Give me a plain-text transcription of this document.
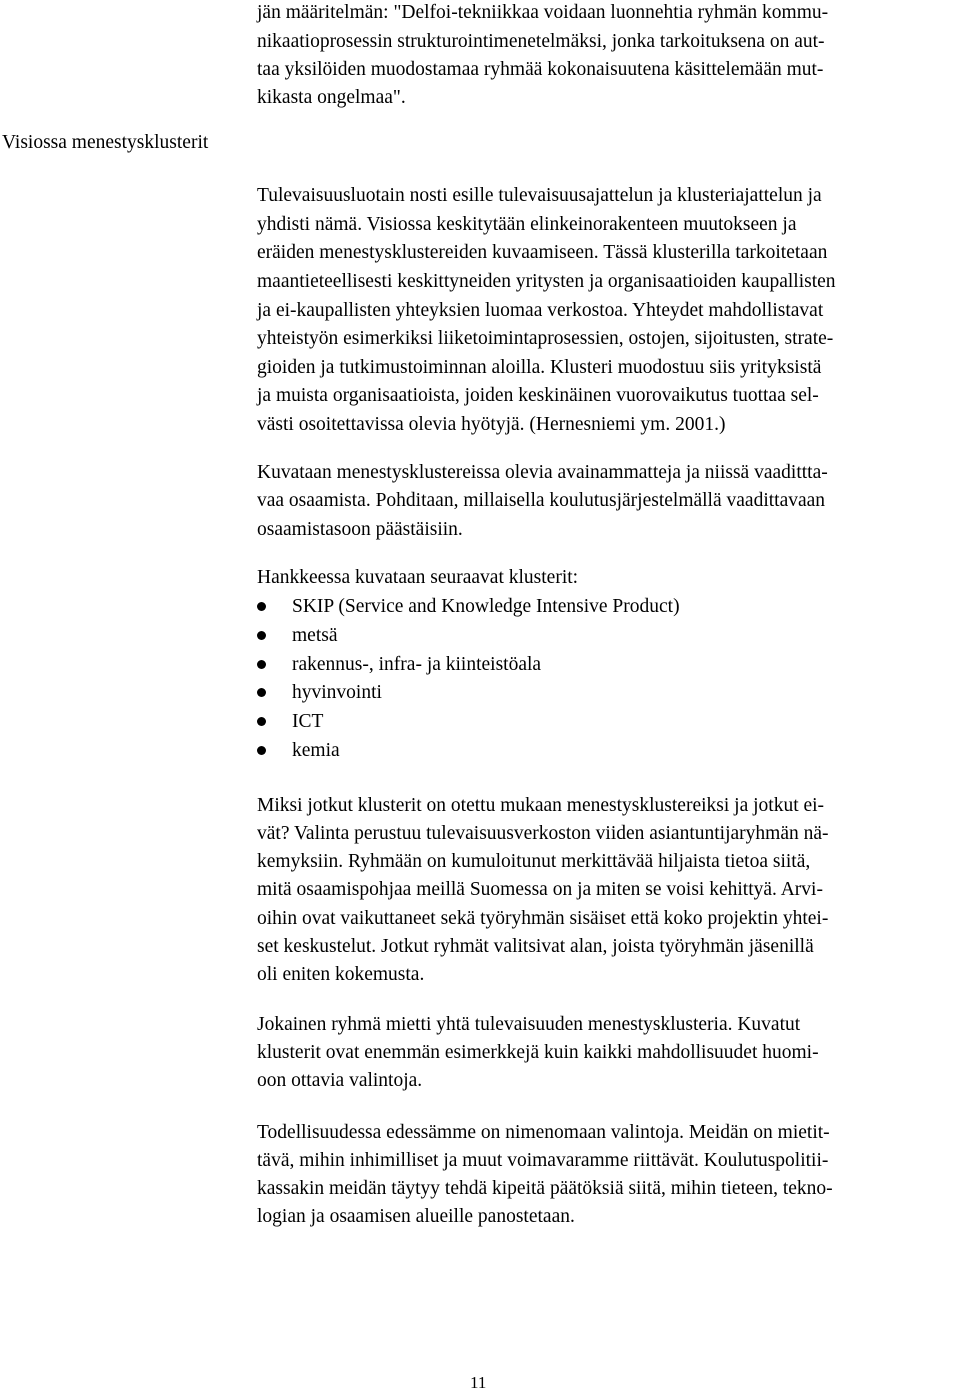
Visiossa menestysklusterit
jän määritelmän: "Delfoi-tekniikkaa voidaan luonnehtia ryhmän kommu-
nikaatioprosessin strukturointimenetelmäksi, jonka tarkoituksena on aut-
taa yksilöiden muodostamaa ryhmää kokonaisuutena käsittelemään mut-
kikasta ongelmaa".
Tulevaisuusluotain nosti esille tulevaisuusajattelun ja klusteriajattelun ja
yhdisti nämä. Visiossa keskitytään elinkeinorakenteen muutokseen ja
eräiden menestysklustereiden kuvaamiseen. Tässä klusterilla tarkoitetaan
maantieteellisesti keskittyneiden yritysten ja organisaatioiden kaupallisten
ja ei-kaupallisten yhteyksien luomaa verkostoa. Yhteydet mahdollistavat
yhteistyön esimerkiksi liiketoimintaprosessien, ostojen, sijoitusten, strate-
gioiden ja tutkimustoiminnan aloilla. Klusteri muodostuu siis yrityksistä
ja muista organisaatioista, joiden keskinäinen vuorovaikutus tuottaa sel-
västi osoitettavissa olevia hyötyjä. (Hernesniemi ym. 2001.)
Kuvataan menestysklustereissa olevia avainammatteja ja niissä vaadittta-
vaa osaamista. Pohditaan, millaisella koulutusjärjestelmällä vaadittavaan
osaamistasoon päästäisiin.
Hankkeessa kuvataan seuraavat klusterit:
SKIP (Service and Knowledge Intensive Product)
metsä
rakennus-, infra- ja kiinteistöala
hyvinvointi
ICT
kemia
Miksi jotkut klusterit on otettu mukaan menestysklustereiksi ja jotkut ei-
vät? Valinta perustuu tulevaisuusverkoston viiden asiantuntijaryhmän nä-
kemyksiin. Ryhmään on kumuloitunut merkittävää hiljaista tietoa siitä,
mitä osaamispohjaa meillä Suomessa on ja miten se voisi kehittyä. Arvi-
oihin ovat vaikuttaneet sekä työryhmän sisäiset että koko projektin yhtei-
set keskustelut. Jotkut ryhmät valitsivat alan, joista työryhmän jäsenillä
oli eniten kokemusta.
Jokainen ryhmä mietti yhtä tulevaisuuden menestysklusteria. Kuvatut
klusterit ovat enemmän esimerkkejä kuin kaikki mahdollisuudet huomi-
oon ottavia valintoja.
Todellisuudessa edessämme on nimenomaan valintoja. Meidän on mietit-
tävä, mihin inhimilliset ja muut voimavaramme riittävät. Koulutuspolitii-
kassakin meidän täytyy tehdä kipeitä päätöksiä siitä, mihin tieteen, tekno-
logian ja osaamisen alueille panostetaan.
11
